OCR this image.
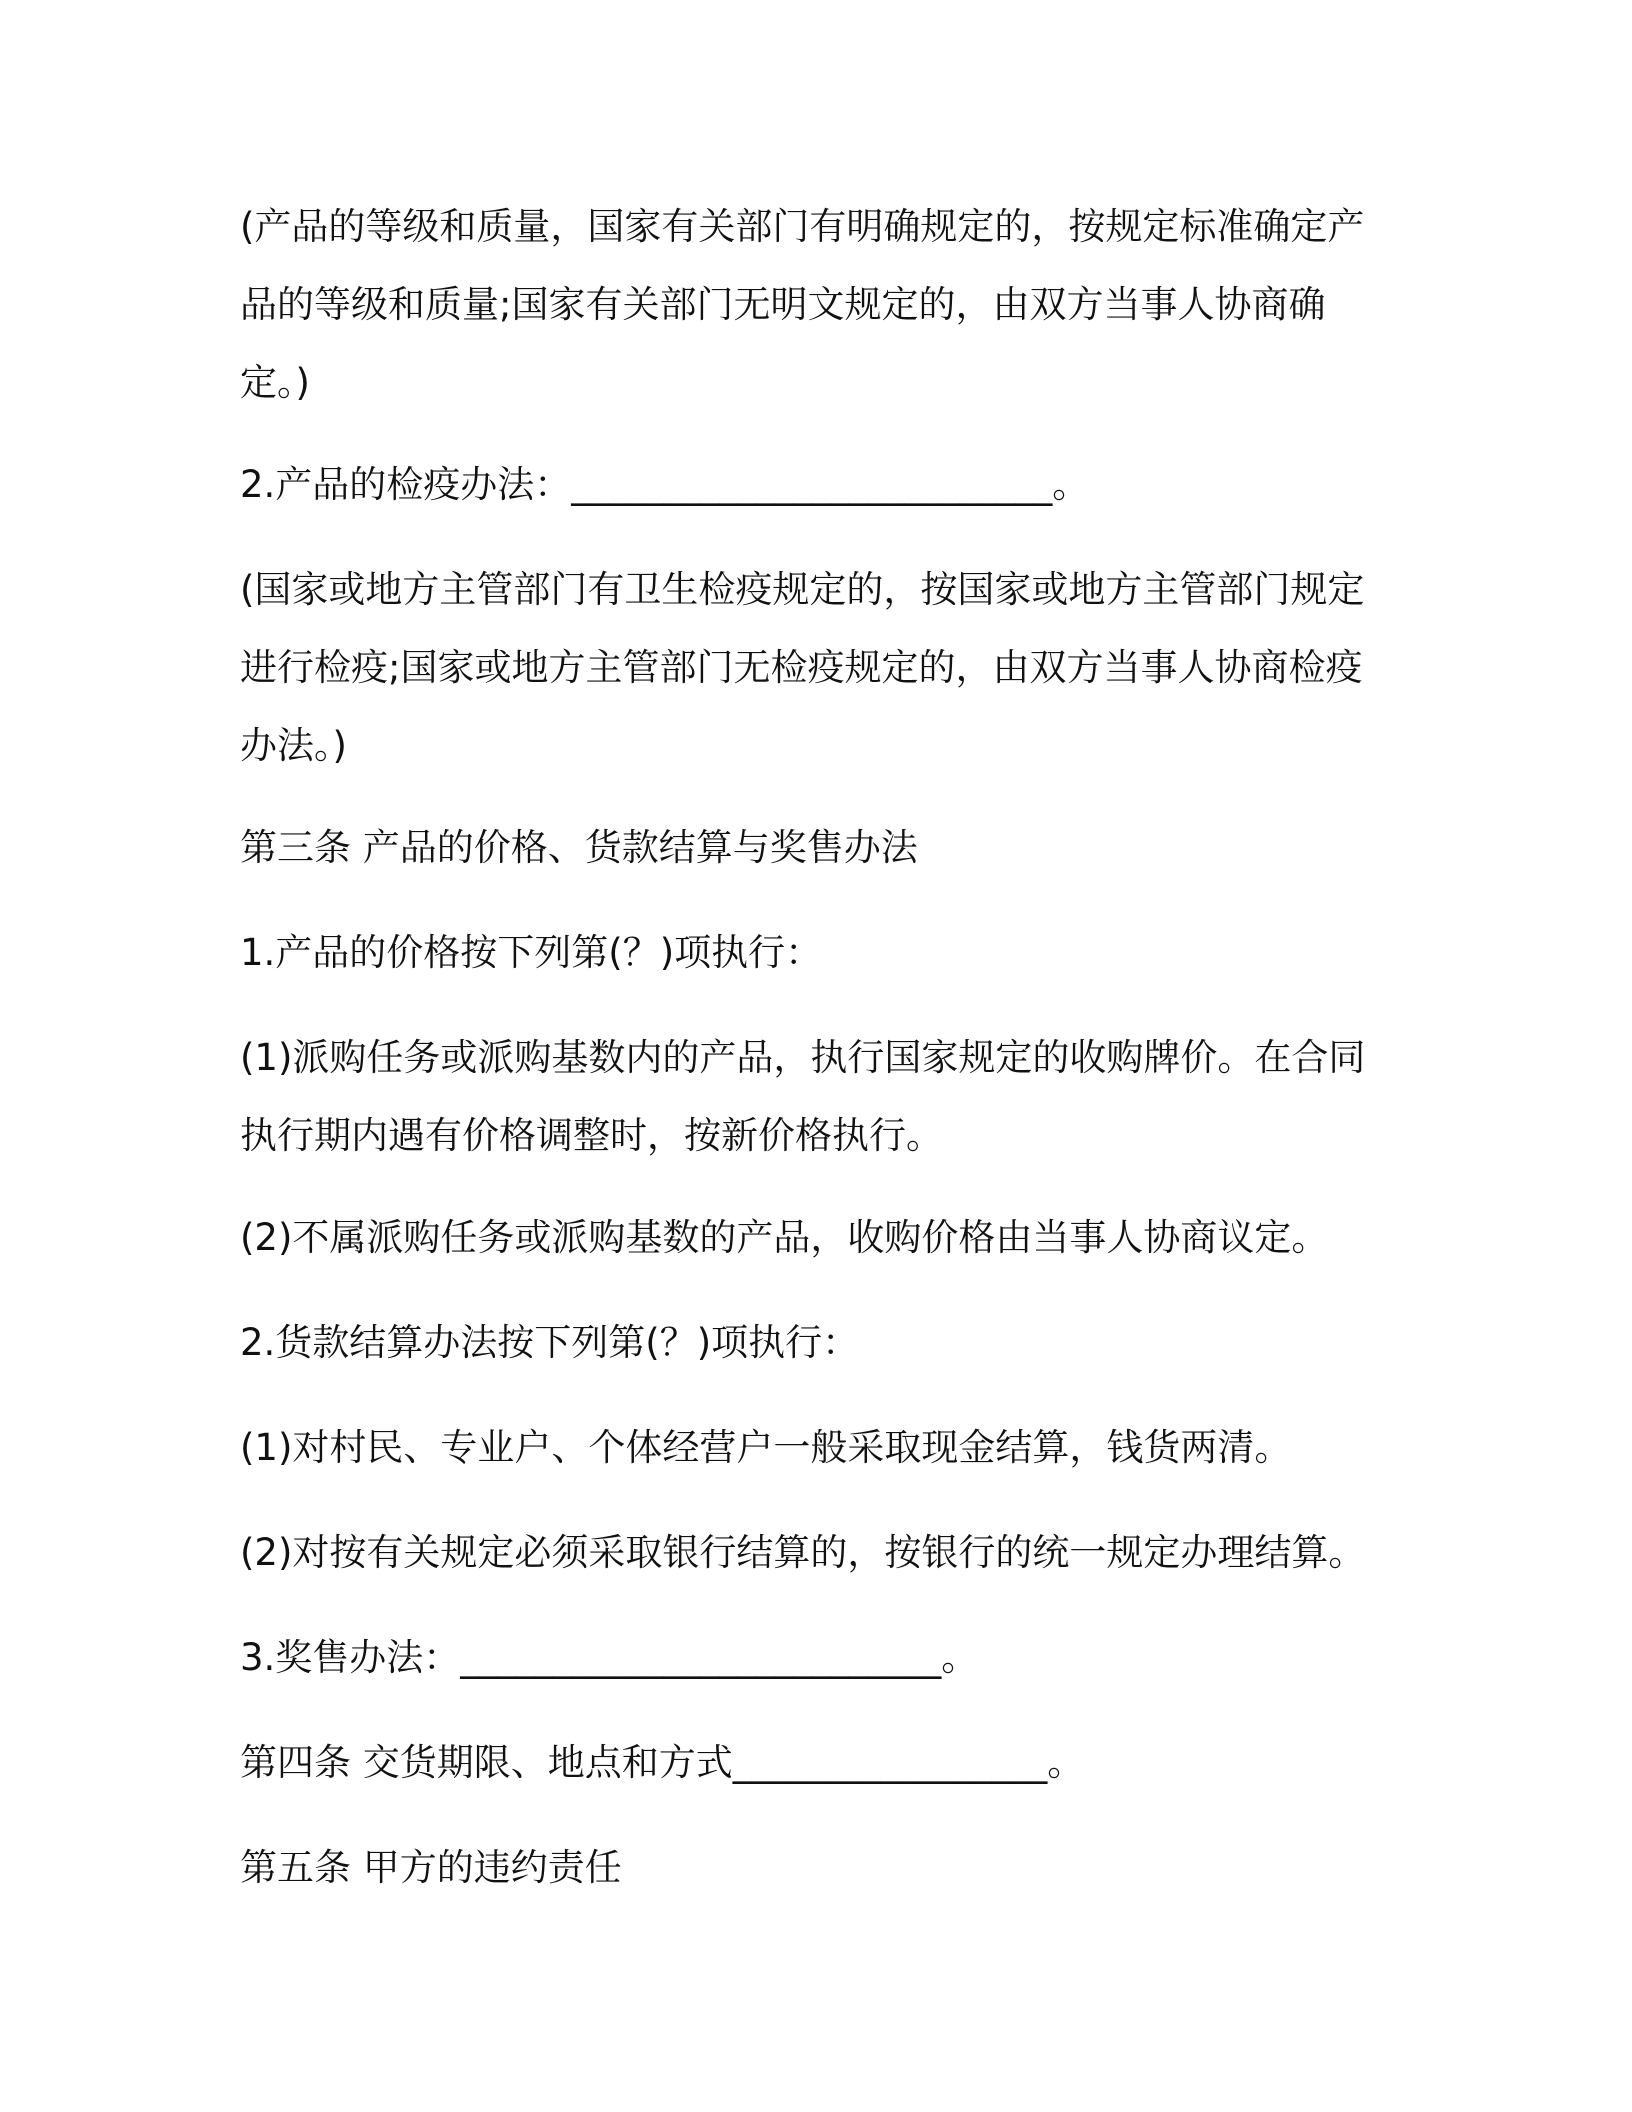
(产品的等级和质量，国家有关部门有明确规定的，按规定标准确定产品的等级和质量;国家有关部门无明文规定的，由双方当事人协商确定。)

2.产品的检疫办法：__________________________。

(国家或地方主管部门有卫生检疫规定的，按国家或地方主管部门规定进行检疫;国家或地方主管部门无检疫规定的，由双方当事人协商检疫办法。)

第三条 产品的价格、货款结算与奖售办法

1.产品的价格按下列第(？)项执行：

(1)派购任务或派购基数内的产品，执行国家规定的收购牌价。在合同执行期内遇有价格调整时，按新价格执行。

(2)不属派购任务或派购基数的产品，收购价格由当事人协商议定。

2.货款结算办法按下列第(？)项执行：

(1)对村民、专业户、个体经营户一般采取现金结算，钱货两清。

(2)对按有关规定必须采取银行结算的，按银行的统一规定办理结算。

3.奖售办法：__________________________。

第四条 交货期限、地点和方式_________________。

第五条 甲方的违约责任
